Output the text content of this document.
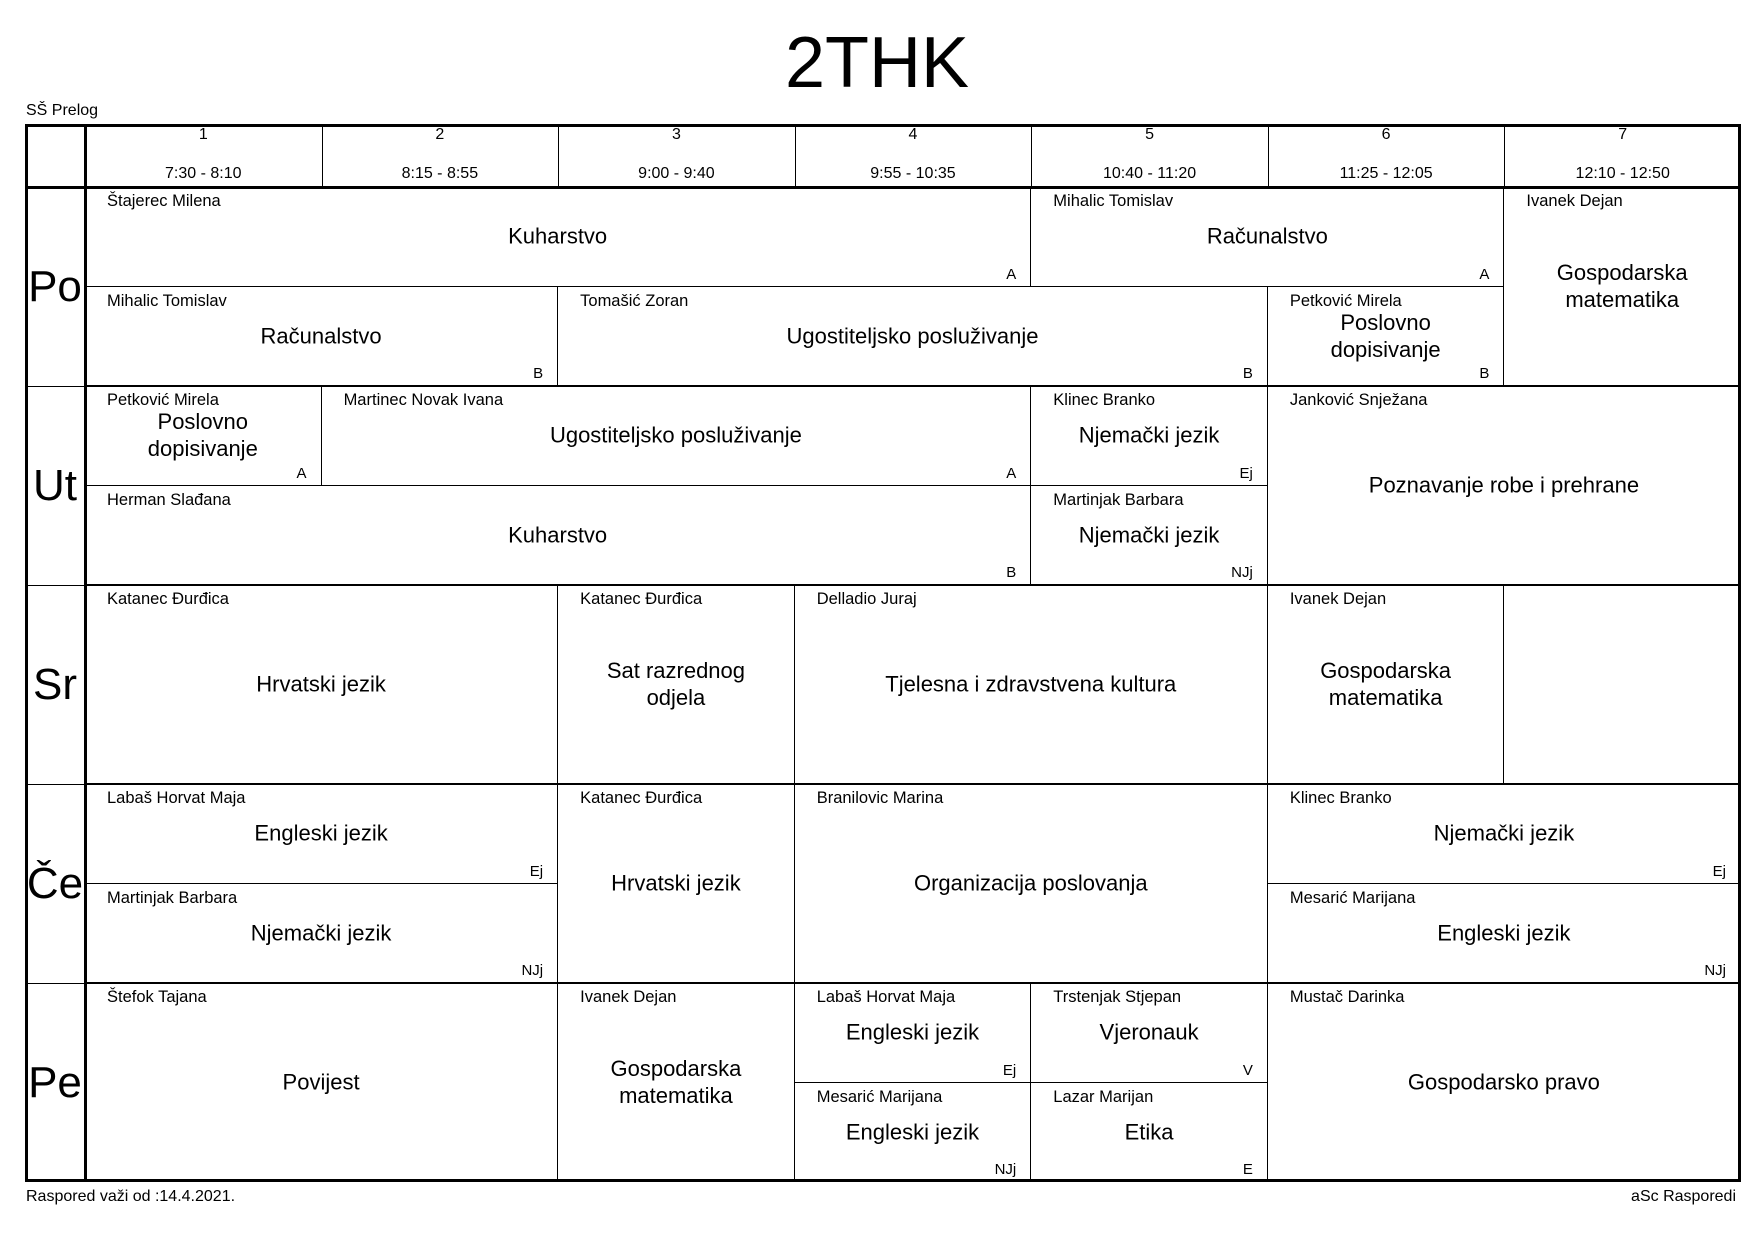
2THK
SŠ Prelog
1
7:30 - 8:10
2
8:15 - 8:55
3
9:00 - 9:40
4
9:55 - 10:35
5
10:40 - 11:20
6
11:25 - 12:05
7
12:10 - 12:50
Po
Ut
Sr
Če
Pe
Štajerec Milena
Kuharstvo
A
Mihalic Tomislav
Računalstvo
A
Ivanek Dejan
Gospodarska matematika
Mihalic Tomislav
Računalstvo
B
Tomašić Zoran
Ugostiteljsko posluživanje
B
Petković Mirela
Poslovno dopisivanje
B
Petković Mirela
Poslovno dopisivanje
A
Martinec Novak Ivana
Ugostiteljsko posluživanje
A
Klinec Branko
Njemački jezik
Ej
Janković Snježana
Poznavanje robe i prehrane
Herman Slađana
Kuharstvo
B
Martinjak Barbara
Njemački jezik
NJj
Katanec Đurđica
Hrvatski jezik
Katanec Đurđica
Sat razrednog odjela
Delladio Juraj
Tjelesna i zdravstvena kultura
Ivanek Dejan
Gospodarska matematika
Labaš Horvat Maja
Engleski jezik
Ej
Katanec Đurđica
Hrvatski jezik
Branilovic Marina
Organizacija poslovanja
Klinec Branko
Njemački jezik
Ej
Martinjak Barbara
Njemački jezik
NJj
Mesarić Marijana
Engleski jezik
NJj
Štefok Tajana
Povijest
Ivanek Dejan
Gospodarska matematika
Labaš Horvat Maja
Engleski jezik
Ej
Trstenjak Stjepan
Vjeronauk
V
Mustač Darinka
Gospodarsko pravo
Mesarić Marijana
Engleski jezik
NJj
Lazar Marijan
Etika
E
Raspored važi od :14.4.2021.	aSc Rasporedi
